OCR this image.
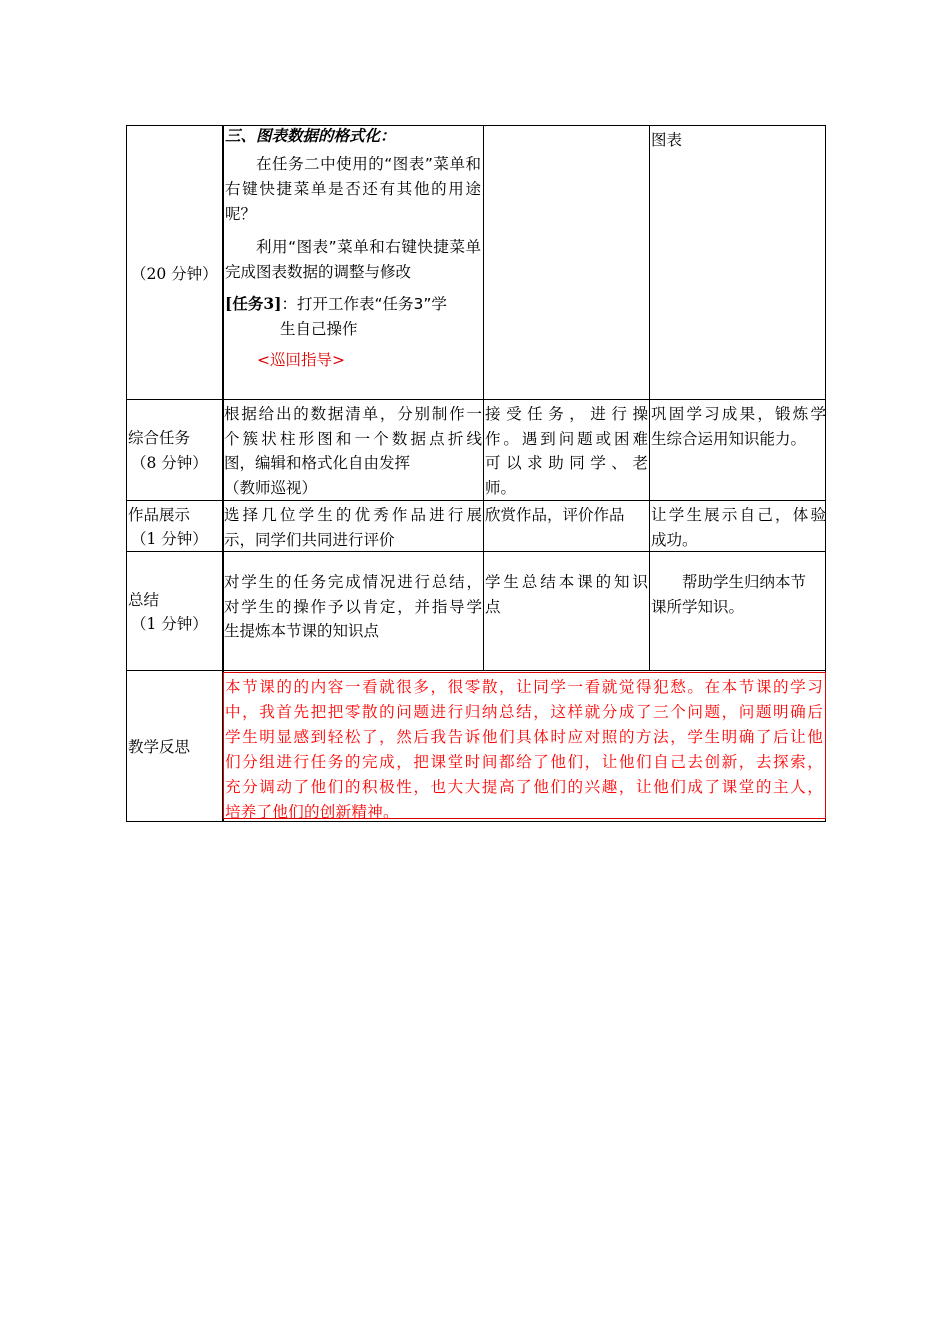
（20 分钟）
三、图表数据的格式化：
在任务二中使用的“图表”菜单和右键快捷菜单是否还有其他的用途呢？
利用“图表”菜单和右键快捷菜单完成图表数据的调整与修改
[任务3]：打开工作表“任务3”学
生自己操作
<巡回指导>
图表
综合任务
（8 分钟）
根据给出的数据清单，分别制作一
个簇状柱形图和一个数据点折线
图，编辑和格式化自由发挥
（教师巡视）
接受任务，进行操
作。遇到问题或困难
可以求助同学、老
师。
巩固学习成果，锻炼学
生综合运用知识能力。
作品展示
（1 分钟）
选择几位学生的优秀作品进行展
示，同学们共同进行评价
欣赏作品，评价作品 让学生展示自己，体验
成功。
总结
（1 分钟）
对学生的任务完成情况进行总结，
对学生的操作予以肯定，并指导学
生提炼本节课的知识点
学生总结本课的知识
点
　　帮助学生归纳本节
课所学知识。
教学反思
本节课的的内容一看就很多，很零散，让同学一看就觉得犯愁。在本节课的学习
中，我首先把把零散的问题进行归纳总结，这样就分成了三个问题，问题明确后
学生明显感到轻松了，然后我告诉他们具体时应对照的方法，学生明确了后让他
们分组进行任务的完成，把课堂时间都给了他们，让他们自己去创新，去探索，
充分调动了他们的积极性，也大大提高了他们的兴趣，让他们成了课堂的主人，
培养了他们的创新精神。
